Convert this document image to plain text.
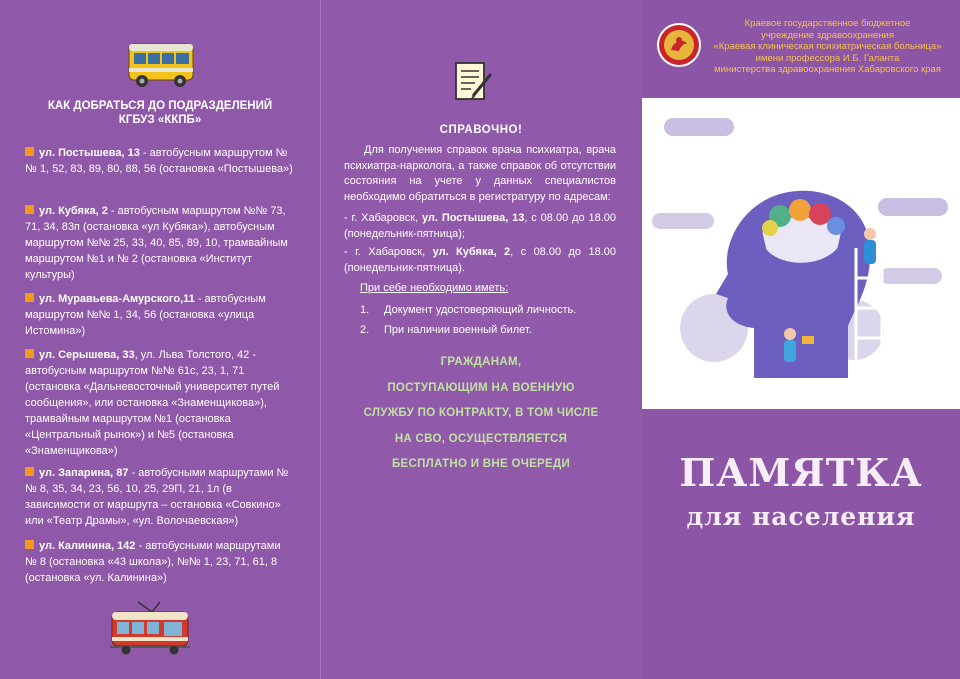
КАК ДОБРАТЬСЯ ДО ПОДРАЗДЕЛЕНИЙ
КГБУЗ «ККПБ»
ул. Постышева, 13 - автобусным маршрутом №№ 1, 52, 83, 89, 80, 88, 56 (остановка «Постышева»)
ул. Кубяка, 2 - автобусным маршрутом №№ 73, 71, 34, 83п (остановка «ул Кубяка»), автобусным маршрутом №№ 25, 33, 40, 85, 89, 10, трамвайным маршрутом №1 и № 2 (остановка «Институт культуры)
ул. Муравьева-Амурского,11 - автобусным маршрутом №№ 1, 34, 56 (остановка «улица Истомина»)
ул. Серышева, 33, ул. Льва Толстого, 42 - автобусным маршрутом №№ 61с, 23, 1, 71 (остановка «Дальневосточный университет путей сообщения», или остановка «Знаменщикова»), трамвайным маршрутом №1 (остановка «Центральный рынок») и №5 (остановка «Знаменщикова»)
ул. Запарина, 87 - автобусными маршрутами №№ 8, 35, 34, 23, 56, 10, 25, 29П, 21, 1л (в зависимости от маршрута – остановка «Совкино» или «Театр Драмы», «ул. Волочаевская»)
ул. Калинина, 142 - автобусными маршрутами № 8 (остановка «43 школа»), №№ 1, 23, 71, 61, 8 (остановка «ул. Калинина»)
СПРАВОЧНО!
Для получения справок врача психиатра, врача психиатра-нарколога, а также справок об отсутствии состояния на учете у данных специалистов необходимо обратиться в регистратуру по адресам:
- г. Хабаровск, ул. Постышева, 13, с 08.00 до 18.00 (понедельник-пятница);
- г. Хабаровск, ул. Кубяка, 2, с 08.00 до 18.00 (понедельник-пятница).
При себе необходимо иметь:
1. Документ удостоверяющий личность.
2. При наличии военный билет.
ГРАЖДАНАМ,
ПОСТУПАЮЩИМ НА ВОЕННУЮ
СЛУЖБУ ПО КОНТРАКТУ, В ТОМ ЧИСЛЕ
НА СВО, ОСУЩЕСТВЛЯЕТСЯ
БЕСПЛАТНО И ВНЕ ОЧЕРЕДИ
Краевое государственное бюджетное
учреждение здравоохранения
«Краевая клиническая психиатрическая больница»
имени профессора И.Б. Галанта
министерства здравоохранения Хабаровского края
ПАМЯТКА
для населения
